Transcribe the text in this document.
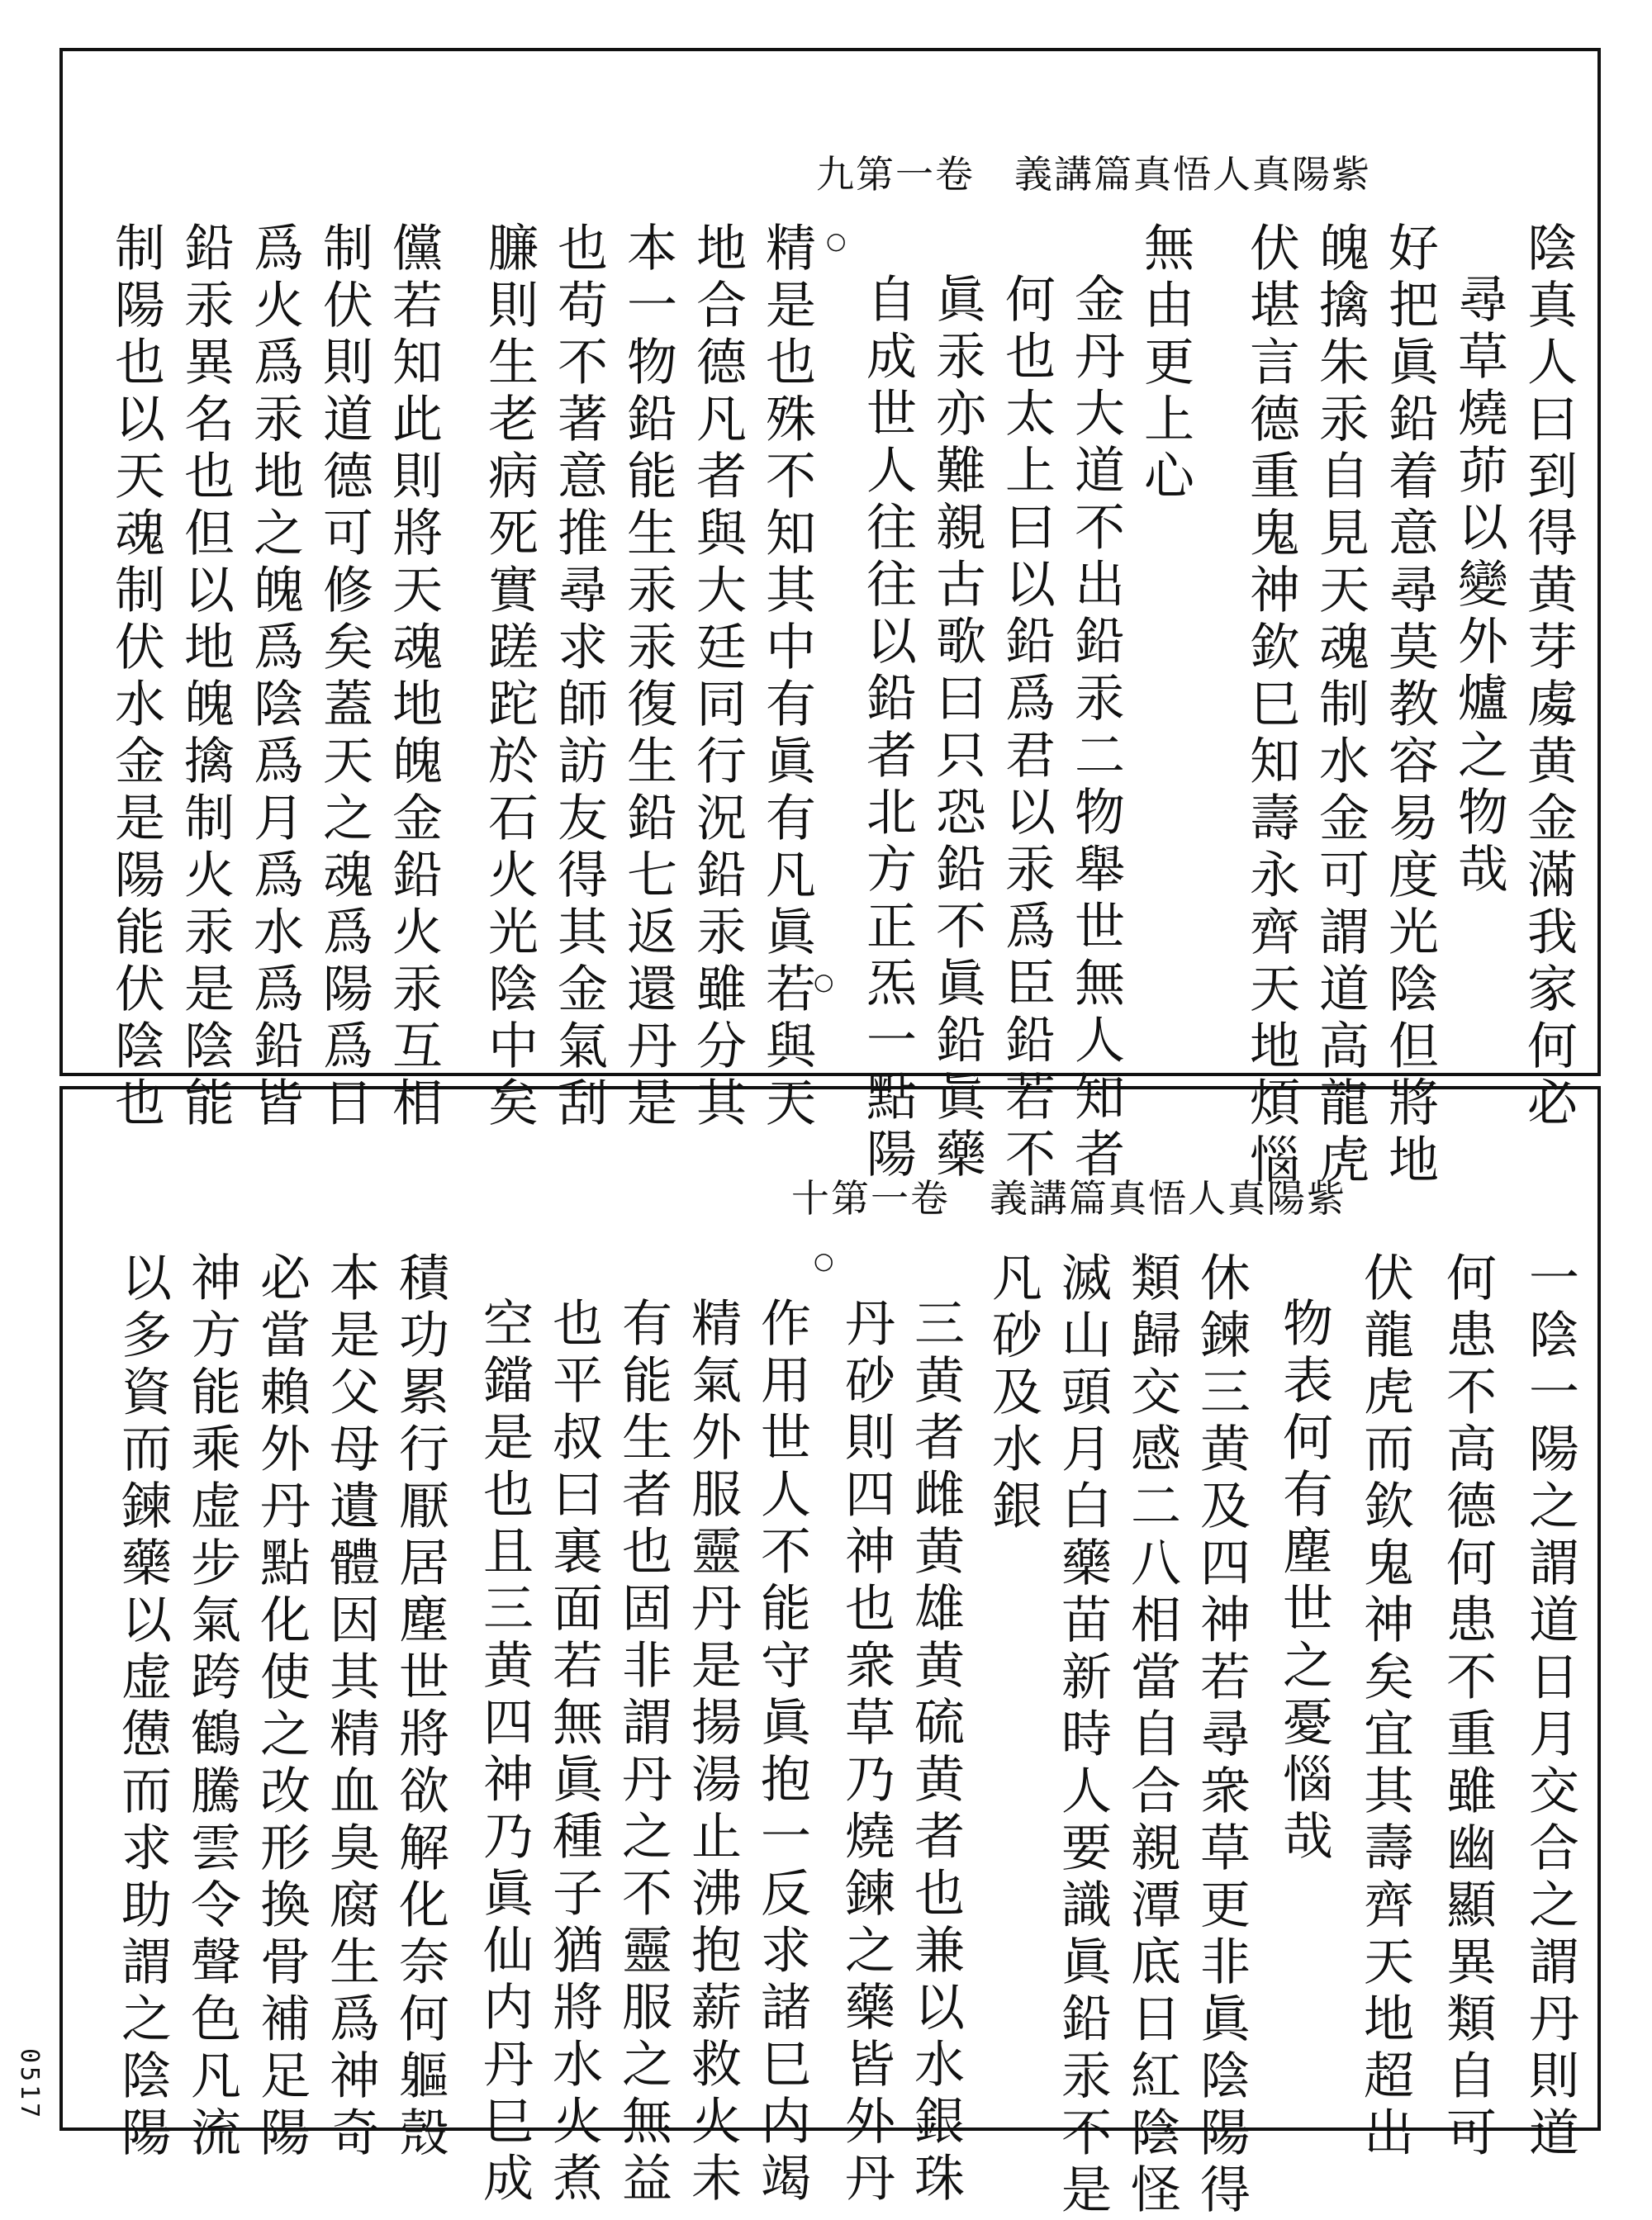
九第一卷　義講篇真悟人真陽紫
十第一卷　義講篇真悟人真陽紫
陰真人曰到得黄芽䖏黄金滿我家何必
尋草燒茆以變外爐之物哉
好把眞鉛着意尋莫教容易度光陰但將地
魄擒朱汞自見天魂制水金可謂道高龍虎
伏堪言德重鬼神欽巳知壽永齊天地煩惱
無由更上心
金丹大道不出鉛汞二物舉世無人知者
何也太上曰以鉛爲君以汞爲臣鉛若不
眞汞亦難親古歌曰只恐鉛不眞鉛眞藥
自成世人往往以鉛者北方正炁一點陽
精是也殊不知其中有眞有凡眞若與天
地合德凡者與大廷同行況鉛汞雖分其
本一物鉛能生汞汞復生鉛七返還丹是
也苟不著意推尋求師訪友得其金氣刮
臁則生老病死實蹉跎於石火光陰中矣
儻若知此則將天魂地魄金鉛火汞互相
制伏則道德可修矣蓋天之魂爲陽爲日
爲火爲汞地之魄爲陰爲月爲水爲鉛皆
鉛汞異名也但以地魄擒制火汞是陰能
制陽也以天魂制伏水金是陽能伏陰也
一陰一陽之謂道日月交合之謂丹則道
何患不高德何患不重雖幽顯異類自可
伏龍虎而欽鬼神矣宜其壽齊天地超出
物表何有塵世之憂惱哉
休鍊三黄及四神若尋衆草更非眞陰陽得
類歸交感二八相當自合親潭底日紅陰怪
滅山頭月白藥苗新時人要識眞鉛汞不是
凡砂及水銀
三黄者雌黄雄黄硫黄者也兼以水銀珠
丹砂則四神也衆草乃燒鍊之藥皆外丹
作用世人不能守眞抱一反求諸巳内竭
精氣外服靈丹是揚湯止沸抱薪救火未
有能生者也固非謂丹之不靈服之無益
也平叔曰裏面若無眞種子猶將水火煮
空鐺是也且三黄四神乃眞仙内丹巳成
積功累行厭居塵世將欲解化奈何軀殼
本是父母遺體因其精血臭腐生爲神奇
必當賴外丹點化使之改形換骨補足陽
神方能乘虚步氣跨鶴騰雲令聲色凡流
以多資而鍊藥以虚憊而求助謂之陰陽
○
○
○
0517
